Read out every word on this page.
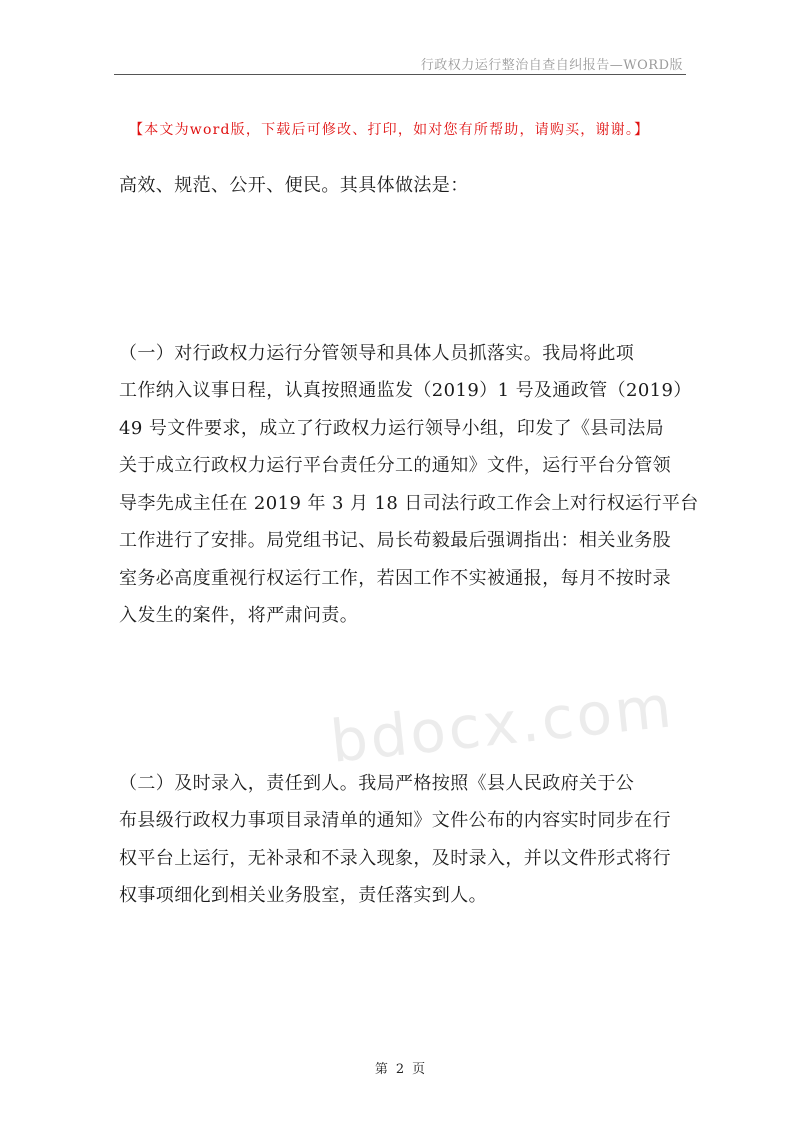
行政权力运行整治自查自纠报告—WORD版
【本文为word版，下载后可修改、打印，如对您有所帮助，请购买，谢谢。】
高效、规范、公开、便民。其具体做法是：
（一）对行政权力运行分管领导和具体人员抓落实。我局将此项
工作纳入议事日程，认真按照通监发（2019）1 号及通政管（2019）
49 号文件要求，成立了行政权力运行领导小组，印发了《县司法局
关于成立行政权力运行平台责任分工的通知》文件，运行平台分管领
导李先成主任在 2019 年 3 月 18 日司法行政工作会上对行权运行平台
工作进行了安排。局党组书记、局长苟毅最后强调指出：相关业务股
室务必高度重视行权运行工作，若因工作不实被通报，每月不按时录
入发生的案件，将严肃问责。
bdocx.com
（二）及时录入，责任到人。我局严格按照《县人民政府关于公
布县级行政权力事项目录清单的通知》文件公布的内容实时同步在行
权平台上运行，无补录和不录入现象，及时录入，并以文件形式将行
权事项细化到相关业务股室，责任落实到人。
第 2 页
